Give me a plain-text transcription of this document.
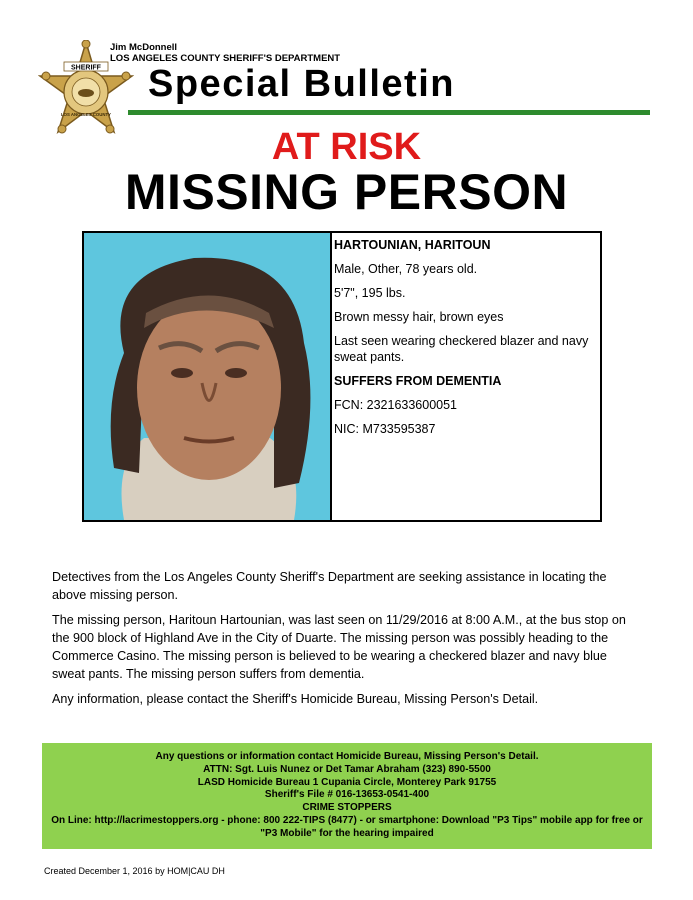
SHERIFF
LOS ANGELES COUNTY
Jim McDonnell
LOS ANGELES COUNTY SHERIFF'S DEPARTMENT
Special Bulletin
AT RISK
MISSING PERSON

HARTOUNIAN, HARITOUN

Male, Other, 78 years old.

5'7", 195 lbs.

Brown messy hair, brown eyes

Last seen wearing checkered blazer and navy sweat pants.

SUFFERS FROM DEMENTIA

FCN: 2321633600051

NIC: M733595387

Detectives from the Los Angeles County Sheriff's Department are seeking assistance in locating the above missing person.

The missing person, Haritoun Hartounian, was last seen on 11/29/2016 at 8:00 A.M., at the bus stop on the 900 block of Highland Ave in the City of Duarte. The missing person was possibly heading to the Commerce Casino. The missing person is believed to be wearing a checkered blazer and navy blue sweat pants. The missing person suffers from dementia.

Any information, please contact the Sheriff's Homicide Bureau, Missing Person's Detail.

Any questions or information contact Homicide Bureau, Missing Person's Detail.
ATTN: Sgt. Luis Nunez or Det Tamar Abraham (323) 890-5500
LASD Homicide Bureau 1 Cupania Circle, Monterey Park 91755
Sheriff's File # 016-13653-0541-400
CRIME STOPPERS
On Line: http://lacrimestoppers.org - phone: 800 222-TIPS (8477) - or smartphone: Download "P3 Tips" mobile app for free or "P3 Mobile" for the hearing impaired
Created December 1, 2016 by HOM|CAU DH
